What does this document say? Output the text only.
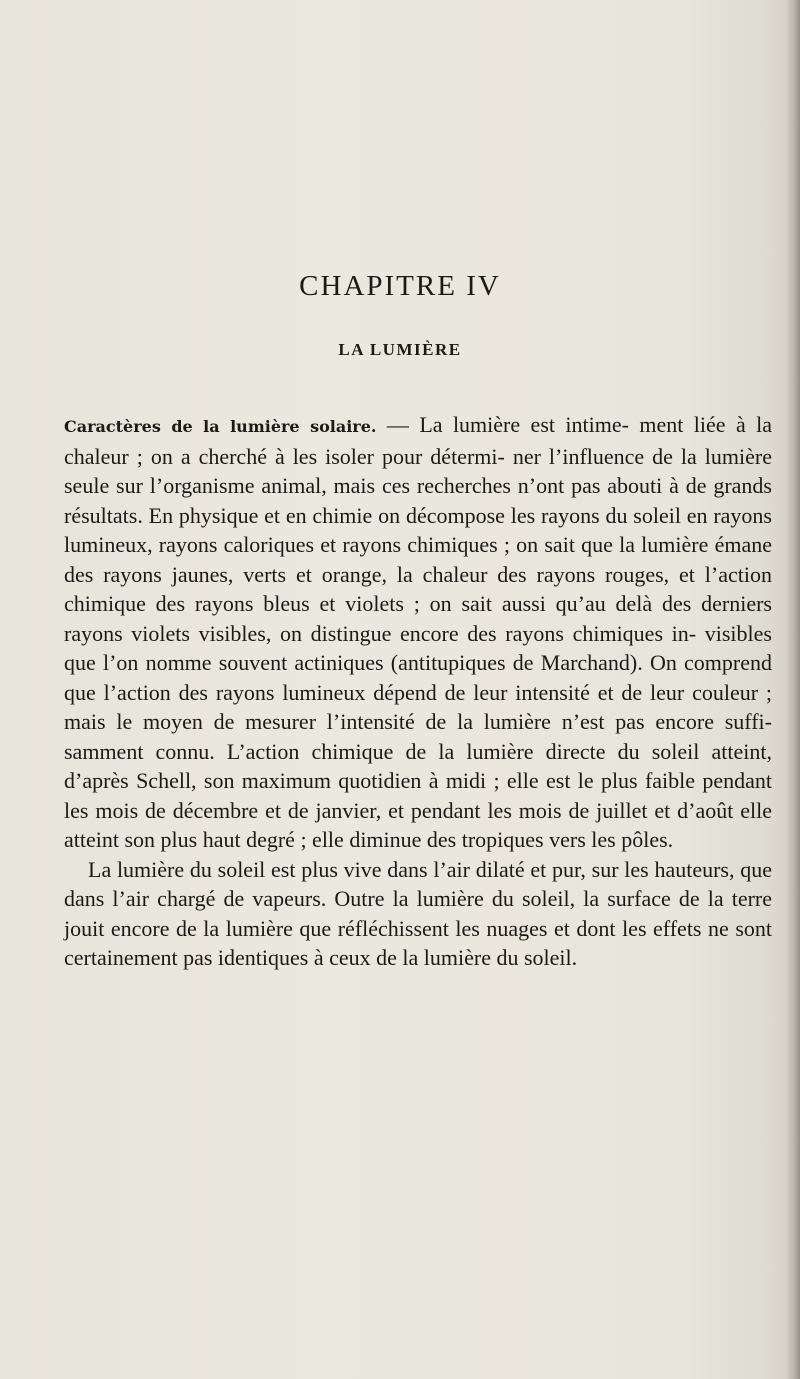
CHAPITRE IV
LA LUMIÈRE

Caractères de la lumière solaire. — La lumière est intime- ment liée à la chaleur ; on a cherché à les isoler pour détermi- ner l’influence de la lumière seule sur l’organisme animal, mais ces recherches n’ont pas abouti à de grands résultats. En physique et en chimie on décompose les rayons du soleil en rayons lumineux, rayons caloriques et rayons chimiques ; on sait que la lumière émane des rayons jaunes, verts et orange, la chaleur des rayons rouges, et l’action chimique des rayons bleus et violets ; on sait aussi qu’au delà des derniers rayons violets visibles, on distingue encore des rayons chimiques in- visibles que l’on nomme souvent actiniques (antitupiques de Marchand). On comprend que l’action des rayons lumineux dépend de leur intensité et de leur couleur ; mais le moyen de mesurer l’intensité de la lumière n’est pas encore suffi- samment connu. L’action chimique de la lumière directe du soleil atteint, d’après Schell, son maximum quotidien à midi ; elle est le plus faible pendant les mois de décembre et de janvier, et pendant les mois de juillet et d’août elle atteint son plus haut degré ; elle diminue des tropiques vers les pôles.

La lumière du soleil est plus vive dans l’air dilaté et pur, sur les hauteurs, que dans l’air chargé de vapeurs. Outre la lumière du soleil, la surface de la terre jouit encore de la lumière que réfléchissent les nuages et dont les effets ne sont certainement pas identiques à ceux de la lumière du soleil.
